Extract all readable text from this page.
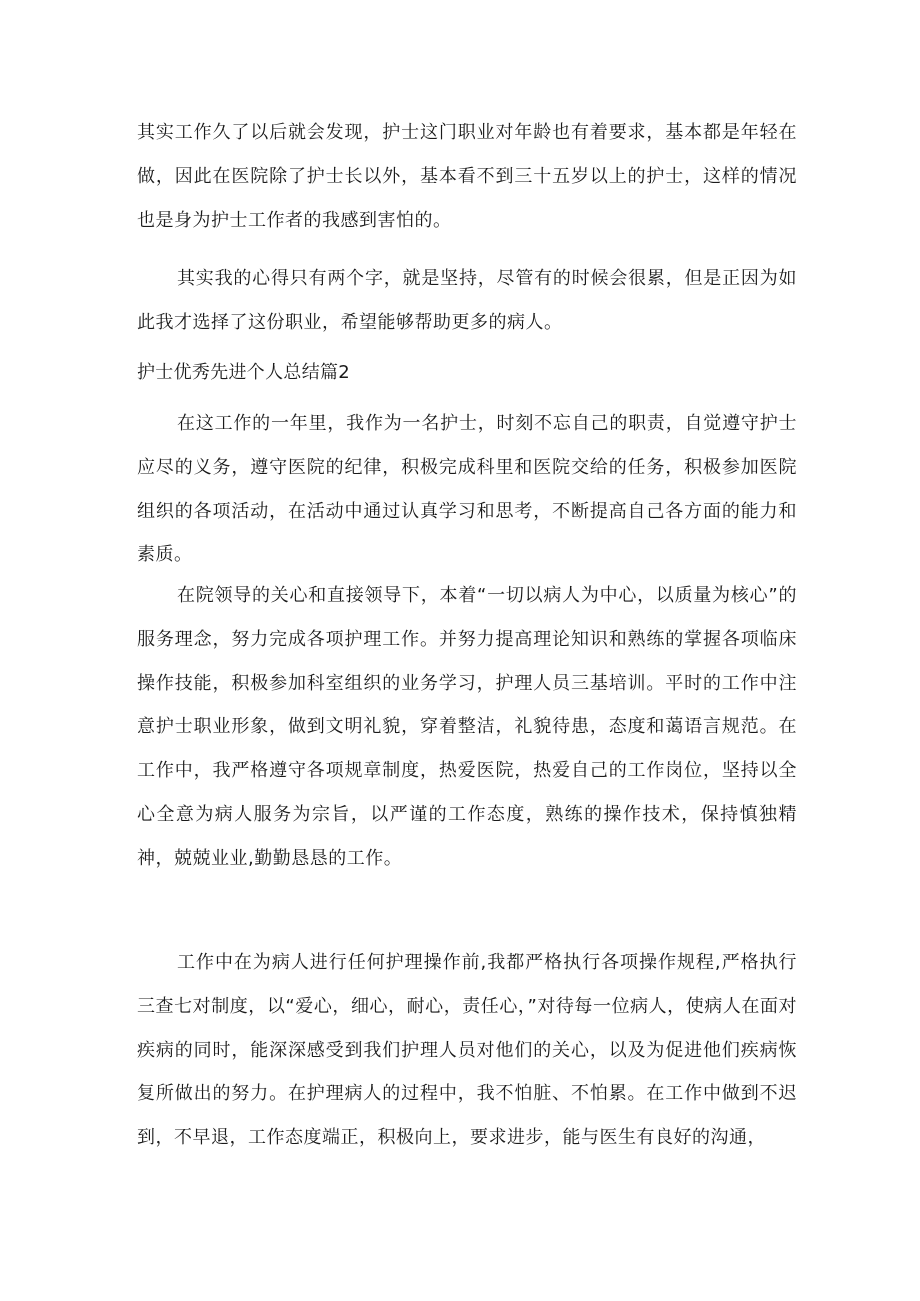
其实工作久了以后就会发现，护士这门职业对年龄也有着要求，基本都是年轻在做，因此在医院除了护士长以外，基本看不到三十五岁以上的护士，这样的情况也是身为护士工作者的我感到害怕的。

其实我的心得只有两个字，就是坚持，尽管有的时候会很累，但是正因为如此我才选择了这份职业，希望能够帮助更多的病人。

护士优秀先进个人总结篇2

在这工作的一年里，我作为一名护士，时刻不忘自己的职责，自觉遵守护士应尽的义务，遵守医院的纪律，积极完成科里和医院交给的任务，积极参加医院组织的各项活动，在活动中通过认真学习和思考，不断提高自己各方面的能力和素质。

在院领导的关心和直接领导下，本着“一切以病人为中心，以质量为核心”的服务理念，努力完成各项护理工作。并努力提高理论知识和熟练的掌握各项临床操作技能，积极参加科室组织的业务学习，护理人员三基培训。平时的工作中注意护士职业形象，做到文明礼貌，穿着整洁，礼貌待患，态度和蔼语言规范。在工作中，我严格遵守各项规章制度，热爱医院，热爱自己的工作岗位，坚持以全心全意为病人服务为宗旨，以严谨的工作态度，熟练的操作技术，保持慎独精神，兢兢业业,勤勤恳恳的工作。

工作中在为病人进行任何护理操作前,我都严格执行各项操作规程,严格执行三查七对制度，以“爱心，细心，耐心，责任心，”对待每一位病人，使病人在面对疾病的同时，能深深感受到我们护理人员对他们的关心，以及为促进他们疾病恢复所做出的努力。在护理病人的过程中，我不怕脏、不怕累。在工作中做到不迟到，不早退，工作态度端正，积极向上，要求进步，能与医生有良好的沟通，
